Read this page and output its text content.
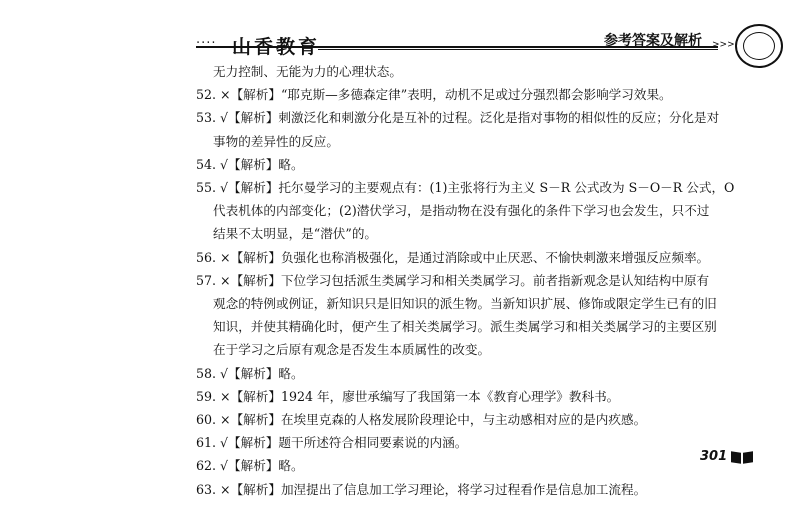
.... 山香教育	参考答案及解析 >>>
无力控制、无能为力的心理状态。
52. ×【解析】“耶克斯—多德森定律”表明，动机不足或过分强烈都会影响学习效果。
53. √【解析】刺激泛化和刺激分化是互补的过程。泛化是指对事物的相似性的反应；分化是对
事物的差异性的反应。
54. √【解析】略。
55. √【解析】托尔曼学习的主要观点有：(1)主张将行为主义 S－R 公式改为 S－O－R 公式，O
代表机体的内部变化；(2)潜伏学习，是指动物在没有强化的条件下学习也会发生，只不过
结果不太明显，是“潜伏”的。
56. ×【解析】负强化也称消极强化，是通过消除或中止厌恶、不愉快刺激来增强反应频率。
57. ×【解析】下位学习包括派生类属学习和相关类属学习。前者指新观念是认知结构中原有
观念的特例或例证，新知识只是旧知识的派生物。当新知识扩展、修饰或限定学生已有的旧
知识，并使其精确化时，便产生了相关类属学习。派生类属学习和相关类属学习的主要区别
在于学习之后原有观念是否发生本质属性的改变。
58. √【解析】略。
59. ×【解析】1924 年，廖世承编写了我国第一本《教育心理学》教科书。
60. ×【解析】在埃里克森的人格发展阶段理论中，与主动感相对应的是内疚感。
61. √【解析】题干所述符合相同要素说的内涵。
62. √【解析】略。
63. ×【解析】加涅提出了信息加工学习理论，将学习过程看作是信息加工流程。
301
